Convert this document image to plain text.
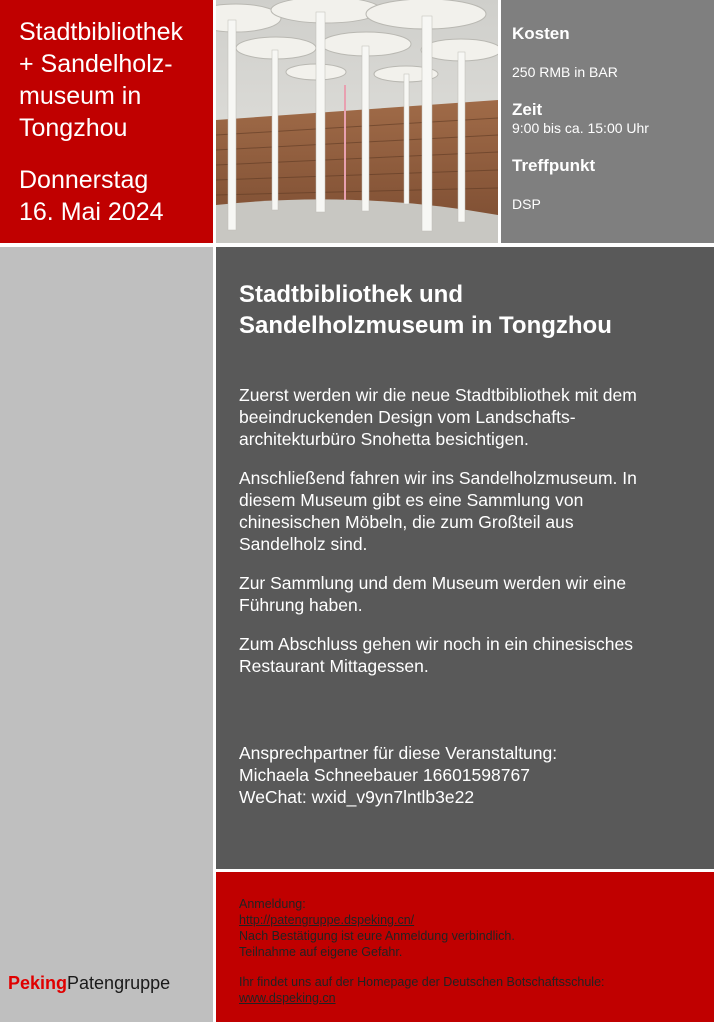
Stadtbibliothek
+ Sandelholz-
museum in
Tongzhou
Donnerstag
16. Mai 2024
Kosten
250 RMB in BAR
Zeit
9:00 bis ca. 15:00 Uhr
Treffpunkt
DSP
PekingPatengruppe
Stadtbibliothek und
Sandelholzmuseum in Tongzhou

Zuerst werden wir die neue Stadtbibliothek mit dem
beeindruckenden Design vom Landschafts-
architekturbüro Snohetta besichtigen.

Anschließend fahren wir ins Sandelholzmuseum. In
diesem Museum gibt es eine Sammlung von
chinesischen Möbeln, die zum Großteil aus
Sandelholz sind.

Zur Sammlung und dem Museum werden wir eine
Führung haben.

Zum Abschluss gehen wir noch in ein chinesisches
Restaurant Mittagessen.

Ansprechpartner für diese Veranstaltung:
Michaela Schneebauer 16601598767
WeChat: wxid_v9yn7lntlb3e22
Anmeldung:
http://patengruppe.dspeking.cn/
Nach Bestätigung ist eure Anmeldung verbindlich.
Teilnahme auf eigene Gefahr.
Ihr findet uns auf der Homepage der Deutschen Botschaftsschule:
www.dspeking.cn
